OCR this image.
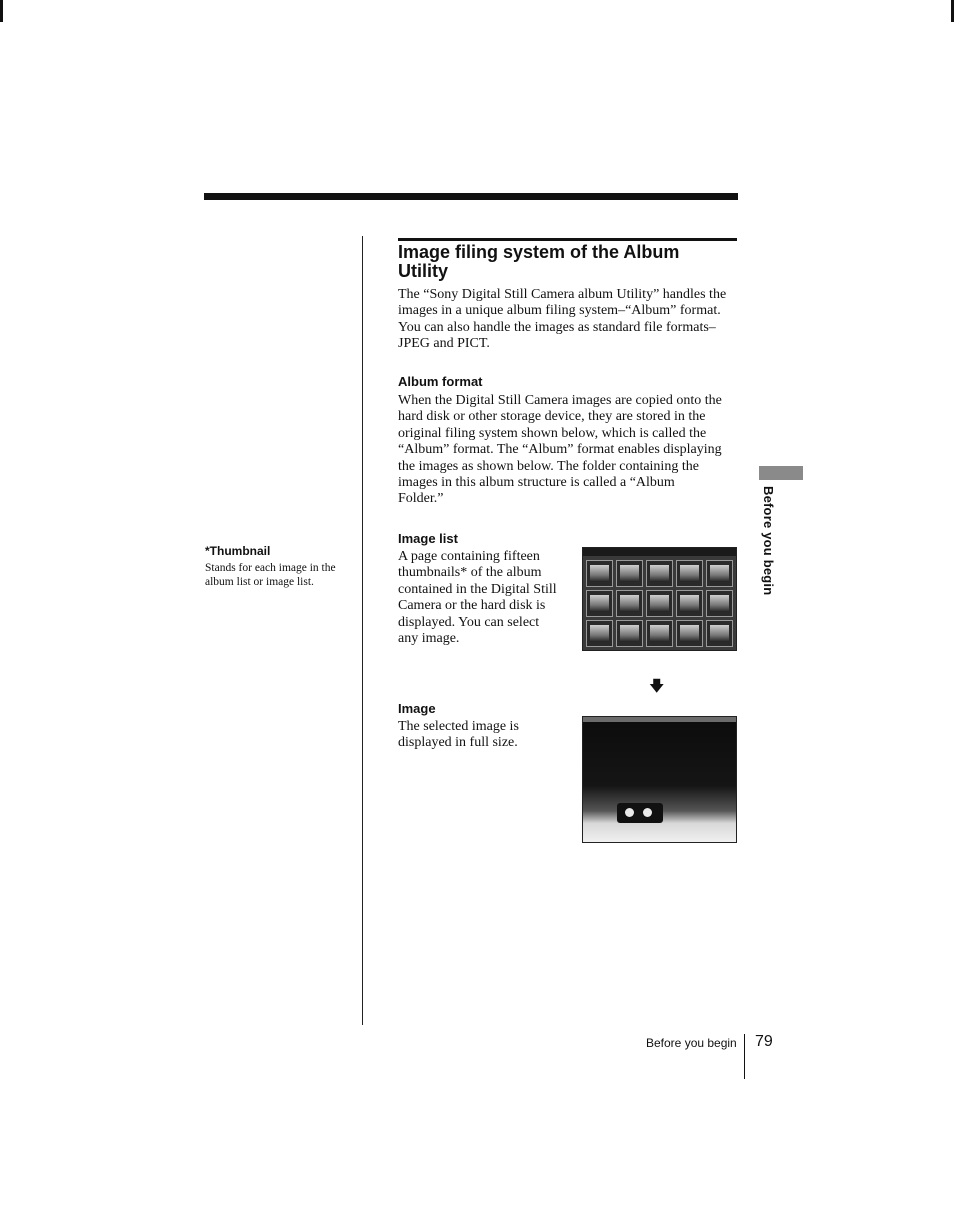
Image filing system of the Album Utility
The “Sony Digital Still Camera album Utility” handles the images in a unique album filing system–“Album” format. You can also handle the images as standard file formats– JPEG and PICT.
Album format
When the Digital Still Camera images are copied onto the hard disk or other storage device, they are stored in the original filing system shown below, which is called the “Album” format. The “Album” format enables displaying the images as shown below. The folder containing the images in this album structure is called a “Album Folder.”
*Thumbnail
Stands for each image in the album list or image list.
Image list
A page containing fifteen thumbnails* of the album contained in the Digital Still Camera or the hard disk is displayed. You can select any image.
🡇
Image
The selected image is displayed in full size.
Before you begin
Before you begin 79
